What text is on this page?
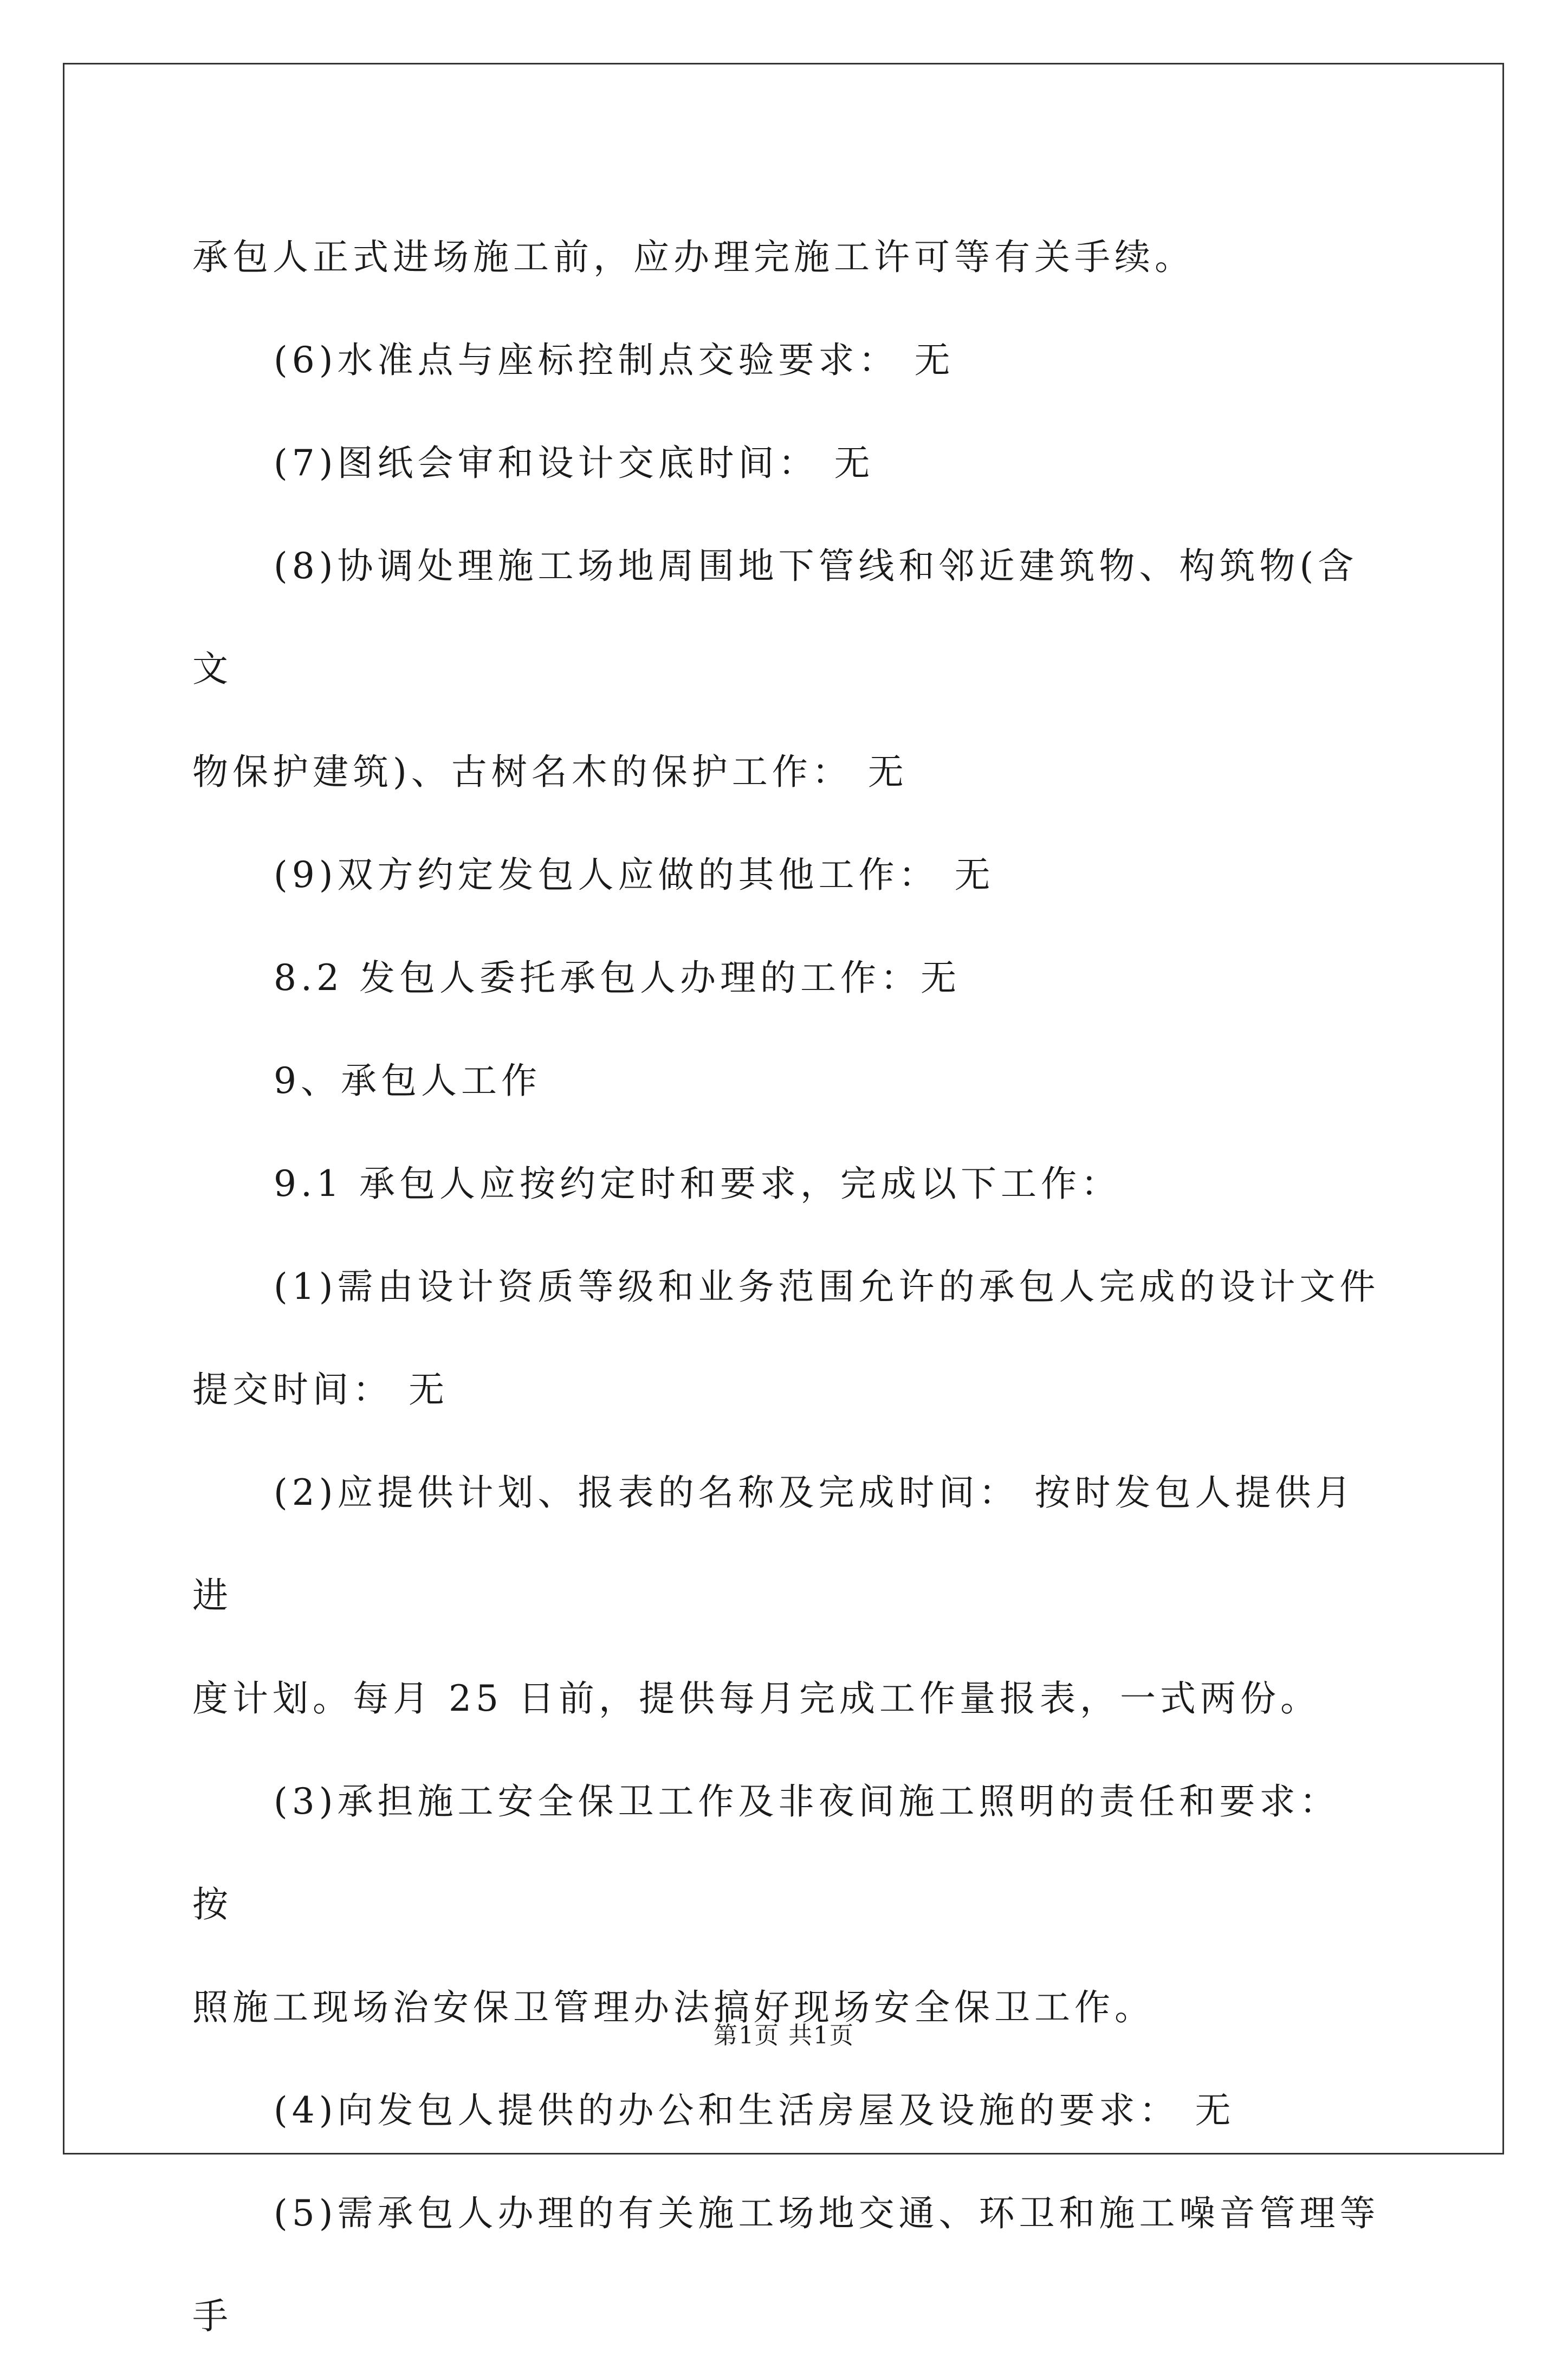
承包人正式进场施工前，应办理完施工许可等有关手续。

(6)水准点与座标控制点交验要求： 无

(7)图纸会审和设计交底时间： 无

(8)协调处理施工场地周围地下管线和邻近建筑物、构筑物(含文

物保护建筑)、古树名木的保护工作： 无

(9)双方约定发包人应做的其他工作： 无

8.2 发包人委托承包人办理的工作：无

9、承包人工作

9.1 承包人应按约定时和要求，完成以下工作：

(1)需由设计资质等级和业务范围允许的承包人完成的设计文件

提交时间： 无

(2)应提供计划、报表的名称及完成时间： 按时发包人提供月进

度计划。每月 25 日前，提供每月完成工作量报表，一式两份。

(3)承担施工安全保卫工作及非夜间施工照明的责任和要求： 按

照施工现场治安保卫管理办法搞好现场安全保卫工作。

(4)向发包人提供的办公和生活房屋及设施的要求： 无

(5)需承包人办理的有关施工场地交通、环卫和施工噪音管理等手

第1页 共1页
